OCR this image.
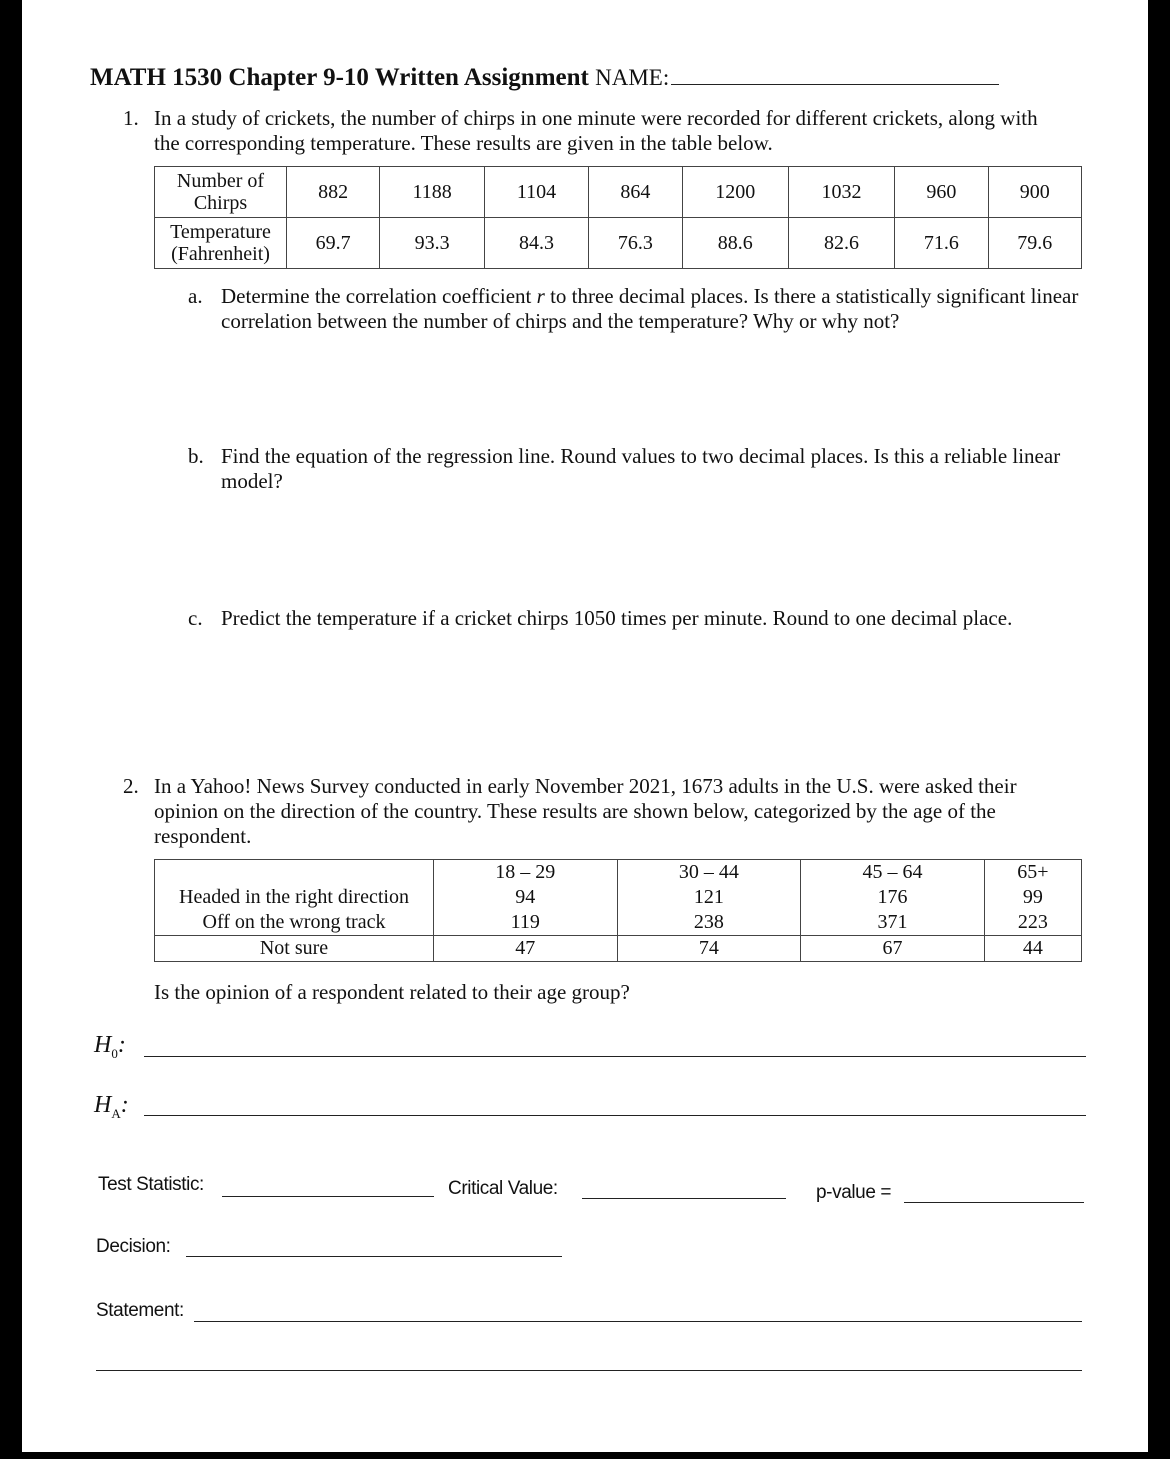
MATH 1530 Chapter 9-10 Written Assignment NAME:
1. In a study of crickets, the number of chirps in one minute were recorded for different crickets, along with the corresponding temperature. These results are given in the table below.
Number of Chirps	882	1188	1104	864	1200	1032	960	900
Temperature (Fahrenheit)	69.7	93.3	84.3	76.3	88.6	82.6	71.6	79.6
a. Determine the correlation coefficient r to three decimal places. Is there a statistically significant linear correlation between the number of chirps and the temperature? Why or why not?
b. Find the equation of the regression line. Round values to two decimal places. Is this a reliable linear model?
c. Predict the temperature if a cricket chirps 1050 times per minute. Round to one decimal place.
2. In a Yahoo! News Survey conducted in early November 2021, 1673 adults in the U.S. were asked their opinion on the direction of the country. These results are shown below, categorized by the age of the respondent.
	18 – 29	30 – 44	45 – 64	65+
Headed in the right direction	94	121	176	99
Off on the wrong track	119	238	371	223
Not sure	47	74	67	44
Is the opinion of a respondent related to their age group?
$H_0$:
$H_A$:
Test Statistic:	Critical Value:	p-value =
Decision:
Statement:
